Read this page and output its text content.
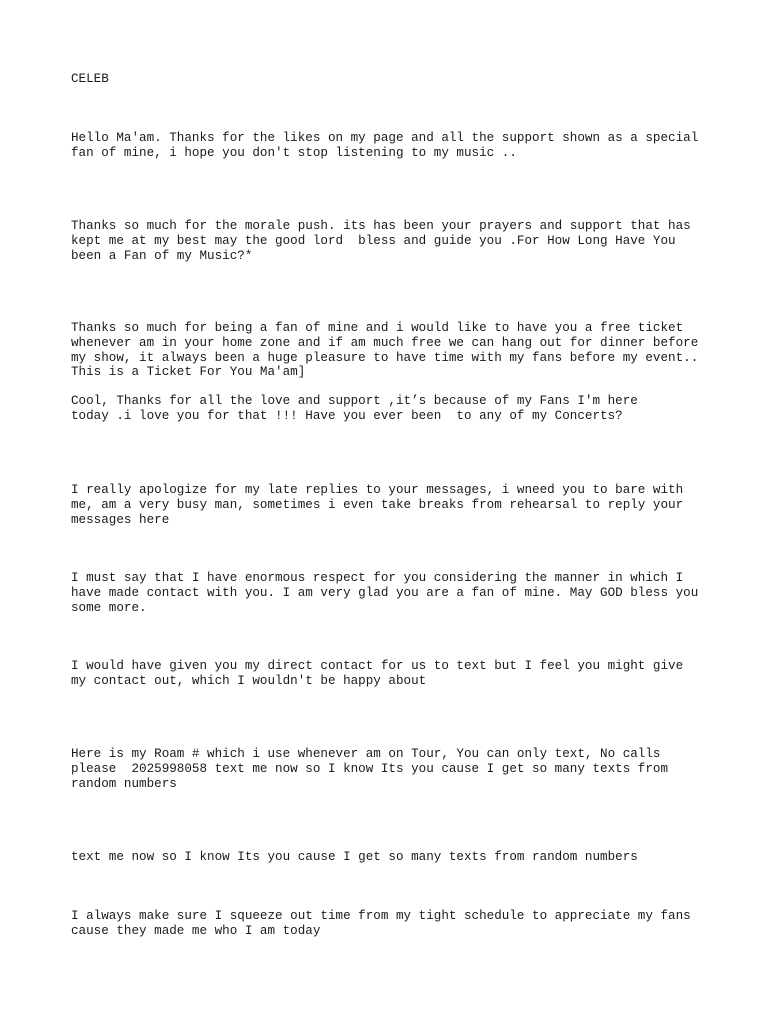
CELEB

Hello Ma'am. Thanks for the likes on my page and all the support shown as a special
fan of mine, i hope you don't stop listening to my music ..

Thanks so much for the morale push. its has been your prayers and support that has
kept me at my best may the good lord  bless and guide you .For How Long Have You
been a Fan of my Music?*

Thanks so much for being a fan of mine and i would like to have you a free ticket
whenever am in your home zone and if am much free we can hang out for dinner before
my show, it always been a huge pleasure to have time with my fans before my event..
This is a Ticket For You Ma'am]

Cool, Thanks for all the love and support ,it’s because of my Fans I'm here
today .i love you for that !!! Have you ever been  to any of my Concerts?

I really apologize for my late replies to your messages, i wneed you to bare with
me, am a very busy man, sometimes i even take breaks from rehearsal to reply your
messages here

I must say that I have enormous respect for you considering the manner in which I
have made contact with you. I am very glad you are a fan of mine. May GOD bless you
some more.

I would have given you my direct contact for us to text but I feel you might give
my contact out, which I wouldn't be happy about

Here is my Roam # which i use whenever am on Tour, You can only text, No calls
please  2025998058 text me now so I know Its you cause I get so many texts from
random numbers

text me now so I know Its you cause I get so many texts from random numbers

I always make sure I squeeze out time from my tight schedule to appreciate my fans
cause they made me who I am today
